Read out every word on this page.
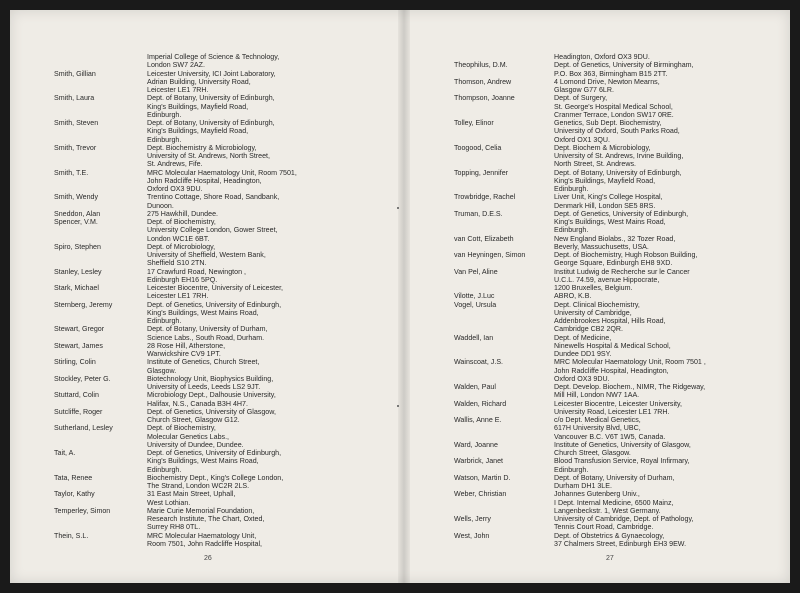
Imperial College of Science & Technology,
London SW7 2AZ.
Smith, Gillian	Leicester University, ICI Joint Laboratory,
Adrian Building, University Road,
Leicester LE1 7RH.
Smith, Laura	Dept. of Botany, University of Edinburgh,
King's Buildings, Mayfield Road,
Edinburgh.
Smith, Steven	Dept. of Botany, University of Edinburgh,
King's Buildings, Mayfield Road,
Edinburgh.
Smith, Trevor	Dept. Biochemistry & Microbiology,
University of St. Andrews, North Street,
St. Andrews, Fife.
Smith, T.E.	MRC Molecular Haematology Unit, Room 7501,
John Radcliffe Hospital, Headington,
Oxford OX3 9DU.
Smith, Wendy	Trentino Cottage, Shore Road, Sandbank,
Dunoon.
Sneddon, Alan	275 Hawkhill, Dundee.
Spencer, V.M.	Dept. of Biochemistry,
University College London, Gower Street,
London WC1E 6BT.
Spiro, Stephen	Dept. of Microbiology,
University of Sheffield, Western Bank,
Sheffield S10 2TN.
Stanley, Lesley	17 Crawfurd Road, Newington ,
Edinburgh EH16 5PQ.
Stark, Michael	Leicester Biocentre, University of Leicester,
Leicester LE1 7RH.
Sternberg, Jeremy	Dept. of Genetics, University of Edinburgh,
King's Buildings, West Mains Road,
Edinburgh.
Stewart, Gregor	Dept. of Botany, University of Durham,
Science Labs., South Road, Durham.
Stewart, James	28 Rose Hill, Atherstone,
Warwickshire CV9 1PT.
Stirling, Colin	Institute of Genetics, Church Street,
Glasgow.
Stockley, Peter G.	Biotechnology Unit, Biophysics Building,
University of Leeds, Leeds LS2 9JT.
Stuttard, Colin	Microbiology Dept., Dalhousie University,
Halifax, N.S., Canada B3H 4H7.
Sutcliffe, Roger	Dept. of Genetics, University of Glasgow,
Church Street, Glasgow G12.
Sutherland, Lesley	Dept. of Biochemistry,
Molecular Genetics Labs.,
University of Dundee, Dundee.
Tait, A.	Dept. of Genetics, University of Edinburgh,
King's Buildings, West Mains Road,
Edinburgh.
Tata, Renee	Biochemistry Dept., King's College London,
The Strand, London WC2R 2LS.
Taylor, Kathy	31 East Main Street, Uphall,
West Lothian.
Temperley, Simon	Marie Curie Memorial Foundation,
Research Institute, The Chart, Oxted,
Surrey RH8 0TL.
Thein, S.L.	MRC Molecular Haematology Unit,
Room 7501, John Radcliffe Hospital,
26
Headington, Oxford OX3 9DU.
Theophilus, D.M.	Dept. of Genetics, University of Birmingham,
P.O. Box 363, Birmingham B15 2TT.
Thomson, Andrew	4 Lomond Drive, Newton Mearns,
Glasgow G77 6LR.
Thompson, Joanne	Dept. of Surgery,
St. George's Hospital Medical School,
Cranmer Terrace, London SW17 0RE.
Tolley, Elinor	Genetics, Sub Dept. Biochemistry,
University of Oxford, South Parks Road,
Oxford OX1 3QU.
Toogood, Celia	Dept. Biochem & Microbiology,
University of St. Andrews, Irvine Building,
North Street, St. Andrews.
Topping, Jennifer	Dept. of Botany, University of Edinburgh,
King's Buildings, Mayfield Road,
Edinburgh.
Trowbridge, Rachel	Liver Unit, King's College Hospital,
Denmark Hill, London SE5 8RS.
Truman, D.E.S.	Dept. of Genetics, University of Edinburgh,
King's Buildings, West Mains Road,
Edinburgh.
van Cott, Elizabeth	New England Biolabs., 32 Tozer Road,
Beverly, Massuchusetts, USA.
van Heyningen, Simon	Dept. of Biochemistry, Hugh Robson Building,
George Square, Edinburgh EH8 9XD.
Van Pel, Aline	Institut Ludwig de Recherche sur le Cancer
U.C.L. 74.59, avenue Hippocrate,
1200 Bruxelles, Belgium.
Vilotte, J.Luc	ABRO, K.B.
Vogel, Ursula	Dept. Clinical Biochemistry,
University of Cambridge,
Addenbrookes Hospital, Hills Road,
Cambridge CB2 2QR.
Waddell, Ian	Dept. of Medicine,
Ninewells Hospital & Medical School,
Dundee DD1 9SY.
Wainscoat, J.S.	MRC Molecular Haematology Unit, Room 7501 ,
John Radcliffe Hospital, Headington,
Oxford OX3 9DU.
Walden, Paul	Dept. Develop. Biochem., NIMR, The Ridgeway,
Mill Hill, London NW7 1AA.
Walden, Richard	Leicester Biocentre, Leicester University,
University Road, Leicester LE1 7RH.
Wallis, Anne E.	c/o Dept. Medical Genetics,
617H University Blvd, UBC,
Vancouver B.C. V6T 1W5, Canada.
Ward, Joanne	Institute of Genetics, University of Glasgow,
Church Street, Glasgow.
Warbrick, Janet	Blood Transfusion Service, Royal Infirmary,
Edinburgh.
Watson, Martin D.	Dept. of Botany, University of Durham,
Durham DH1 3LE.
Weber, Christian	Johannes Gutenberg Univ.,
I Dept. Internal Medicine, 6500 Mainz,
Langenbeckstr. 1, West Germany.
Wells, Jerry	University of Cambridge, Dept. of Pathology,
Tennis Court Road, Cambridge.
West, John	Dept. of Obstetrics & Gynaecology,
37 Chalmers Street, Edinburgh EH3 9EW.
27
